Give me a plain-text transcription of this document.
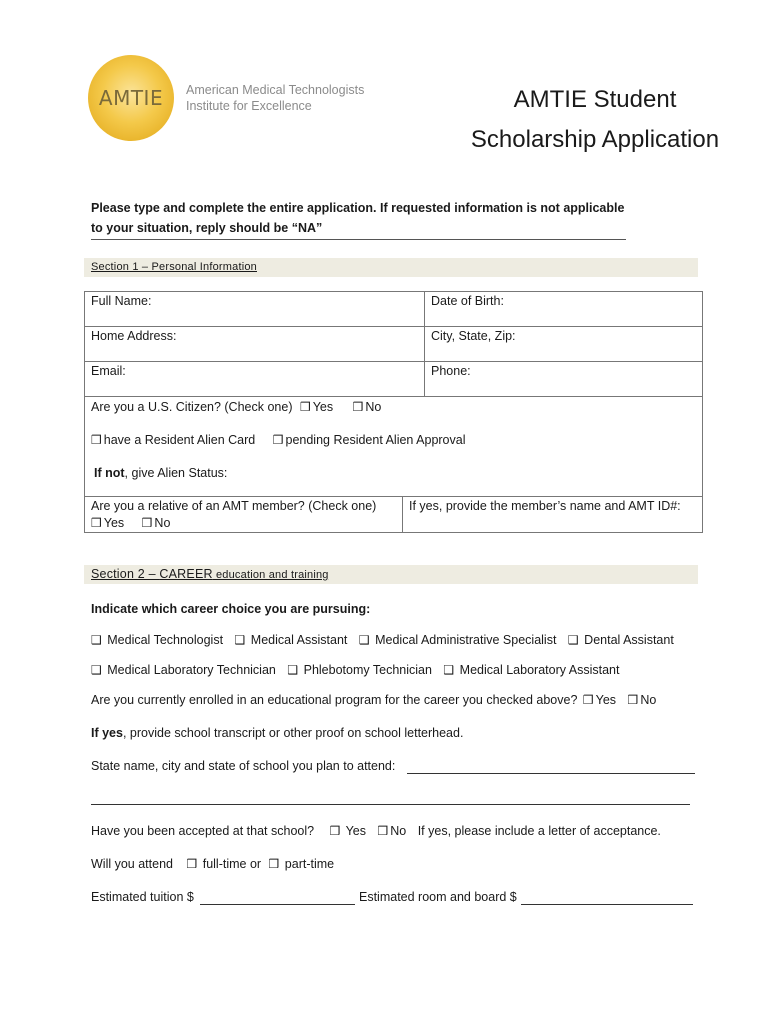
AMTIE American Medical Technologists
Institute for Excellence	AMTIE Student
Scholarship Application
Please type and complete the entire application. If requested information is not applicable
to your situation, reply should be “NA”
Section 1 – Personal Information
Full Name:	Date of Birth:
Home Address:	City, State, Zip:
Email:	Phone:
Are you a U.S. Citizen? (Check one) ❒ Yes ❒ No
❒ have a Resident Alien Card ❒ pending Resident Alien Approval
If not, give Alien Status:
Are you a relative of an AMT member? (Check one)
❒ Yes ❒ No
If yes, provide the member’s name and AMT ID#:
Section 2 – CAREER education and training
Indicate which career choice you are pursuing:
❑ Medical Technologist ❑ Medical Assistant ❑ Medical Administrative Specialist ❑ Dental Assistant
❑ Medical Laboratory Technician ❑ Phlebotomy Technician ❑ Medical Laboratory Assistant
Are you currently enrolled in an educational program for the career you checked above? ❒ Yes ❒ No
If yes, provide school transcript or other proof on school letterhead.
State name, city and state of school you plan to attend:
Have you been accepted at that school? ❒ Yes ❒ No If yes, please include a letter of acceptance.
Will you attend ❒ full-time or ❒ part-time
Estimated tuition $	Estimated room and board $
